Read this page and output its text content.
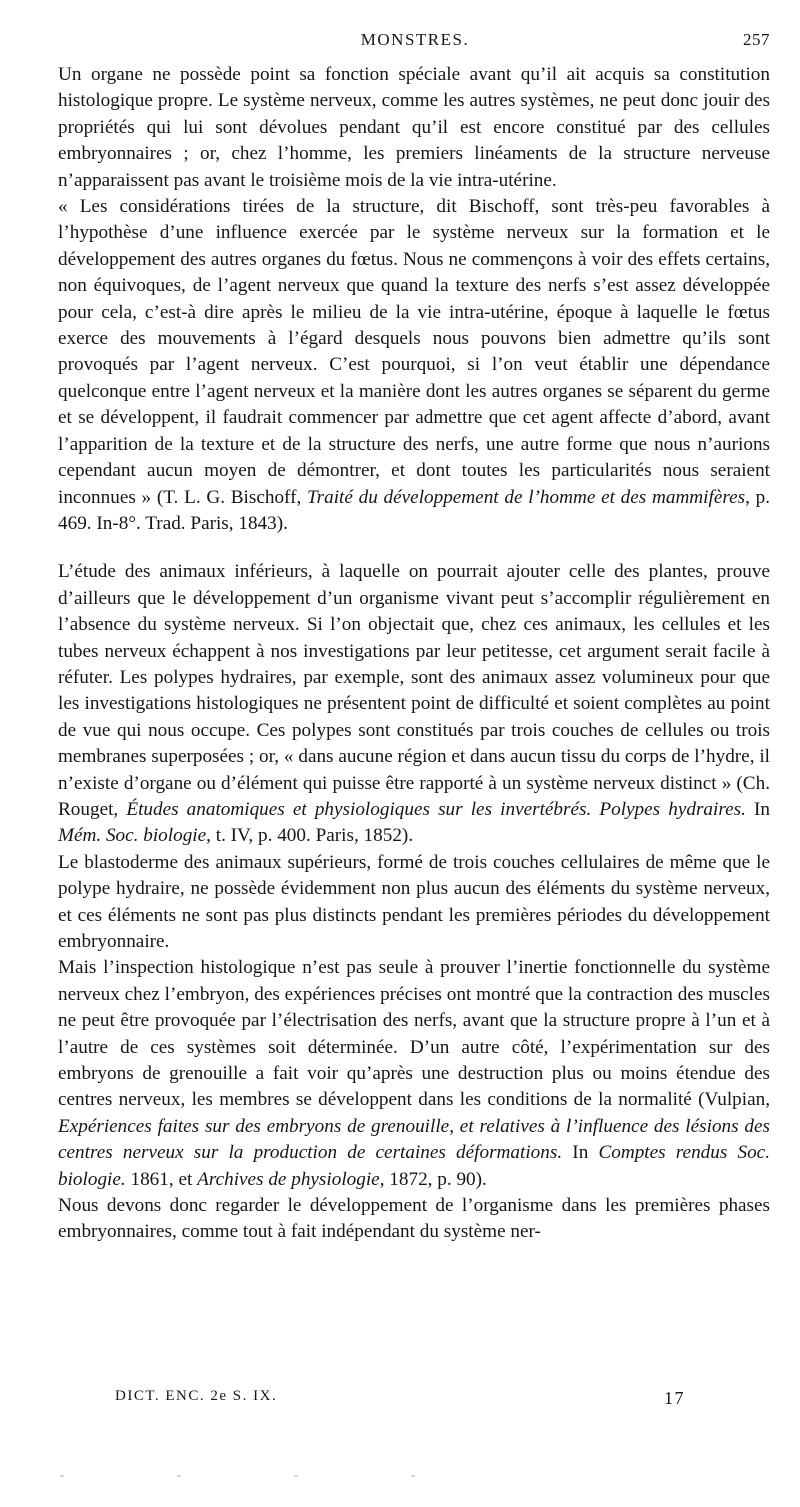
MONSTRES.	257

Un organe ne possède point sa fonction spéciale avant qu’il ait acquis sa constitution histologique propre. Le système nerveux, comme les autres systèmes, ne peut donc jouir des propriétés qui lui sont dévolues pendant qu’il est encore constitué par des cellules embryonnaires ; or, chez l’homme, les premiers linéaments de la structure nerveuse n’apparaissent pas avant le troisième mois de la vie intra-utérine.

« Les considérations tirées de la structure, dit Bischoff, sont très-peu favorables à l’hypothèse d’une influence exercée par le système nerveux sur la formation et le développement des autres organes du fœtus. Nous ne commençons à voir des effets certains, non équivoques, de l’agent nerveux que quand la texture des nerfs s’est assez développée pour cela, c’est-à dire après le milieu de la vie intra-utérine, époque à laquelle le fœtus exerce des mouvements à l’égard desquels nous pouvons bien admettre qu’ils sont provoqués par l’agent nerveux. C’est pourquoi, si l’on veut établir une dépendance quelconque entre l’agent nerveux et la manière dont les autres organes se séparent du germe et se développent, il faudrait commencer par admettre que cet agent affecte d’abord, avant l’apparition de la texture et de la structure des nerfs, une autre forme que nous n’aurions cependant aucun moyen de démontrer, et dont toutes les particularités nous seraient inconnues » (T. L. G. Bischoff, Traité du développement de l’homme et des mammifères, p. 469. In-8°. Trad. Paris, 1843).

L’étude des animaux inférieurs, à laquelle on pourrait ajouter celle des plantes, prouve d’ailleurs que le développement d’un organisme vivant peut s’accomplir régulièrement en l’absence du système nerveux. Si l’on objectait que, chez ces animaux, les cellules et les tubes nerveux échappent à nos investigations par leur petitesse, cet argument serait facile à réfuter. Les polypes hydraires, par exemple, sont des animaux assez volumineux pour que les investigations histologiques ne présentent point de difficulté et soient complètes au point de vue qui nous occupe. Ces polypes sont constitués par trois couches de cellules ou trois membranes superposées ; or, « dans aucune région et dans aucun tissu du corps de l’hydre, il n’existe d’organe ou d’élément qui puisse être rapporté à un système nerveux distinct » (Ch. Rouget, Études anatomiques et physiologiques sur les invertébrés. Polypes hydraires. In Mém. Soc. biologie, t. IV, p. 400. Paris, 1852).

Le blastoderme des animaux supérieurs, formé de trois couches cellulaires de même que le polype hydraire, ne possède évidemment non plus aucun des éléments du système nerveux, et ces éléments ne sont pas plus distincts pendant les premières périodes du développement embryonnaire.

Mais l’inspection histologique n’est pas seule à prouver l’inertie fonctionnelle du système nerveux chez l’embryon, des expériences précises ont montré que la contraction des muscles ne peut être provoquée par l’électrisation des nerfs, avant que la structure propre à l’un et à l’autre de ces systèmes soit déterminée. D’un autre côté, l’expérimentation sur des embryons de grenouille a fait voir qu’après une destruction plus ou moins étendue des centres nerveux, les membres se développent dans les conditions de la normalité (Vulpian, Expériences faites sur des embryons de grenouille, et relatives à l’influence des lésions des centres nerveux sur la production de certaines déformations. In Comptes rendus Soc. biologie. 1861, et Archives de physiologie, 1872, p. 90).

Nous devons donc regarder le développement de l’organisme dans les premières phases embryonnaires, comme tout à fait indépendant du système ner-

DICT. ENC. 2e S. IX.	17
- - - -
